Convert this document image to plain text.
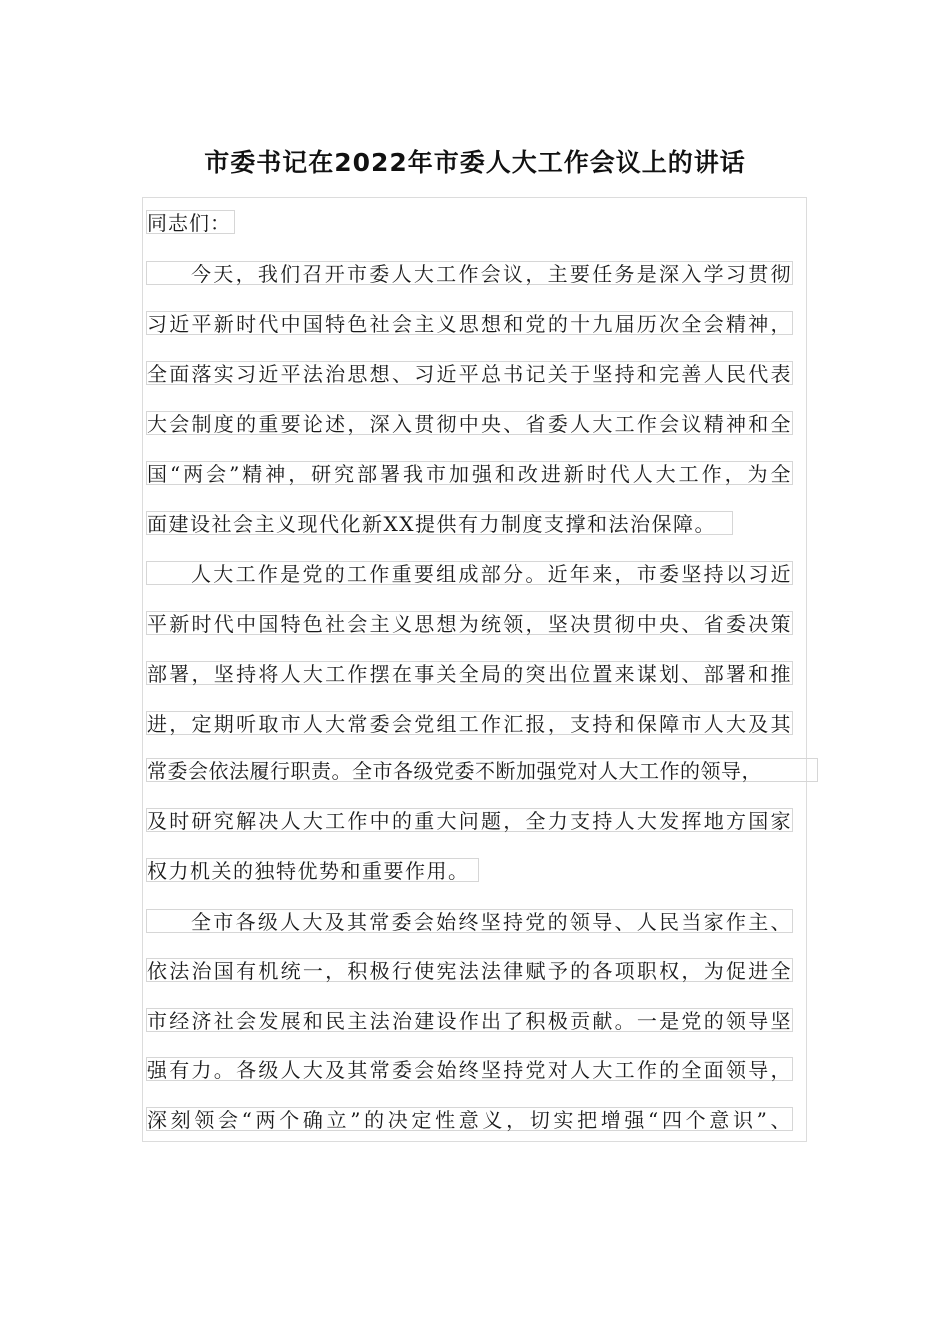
市委书记在2022年市委人大工作会议上的讲话
同志们：
今天，我们召开市委人大工作会议，主要任务是深入学习贯彻
习近平新时代中国特色社会主义思想和党的十九届历次全会精神，
全面落实习近平法治思想、习近平总书记关于坚持和完善人民代表
大会制度的重要论述，深入贯彻中央、省委人大工作会议精神和全
国“两会”精神，研究部署我市加强和改进新时代人大工作，为全
面建设社会主义现代化新XX提供有力制度支撑和法治保障。
人大工作是党的工作重要组成部分。近年来，市委坚持以习近
平新时代中国特色社会主义思想为统领，坚决贯彻中央、省委决策
部署，坚持将人大工作摆在事关全局的突出位置来谋划、部署和推
进，定期听取市人大常委会党组工作汇报，支持和保障市人大及其
常委会依法履行职责。全市各级党委不断加强党对人大工作的领导，
及时研究解决人大工作中的重大问题，全力支持人大发挥地方国家
权力机关的独特优势和重要作用。
全市各级人大及其常委会始终坚持党的领导、人民当家作主、
依法治国有机统一，积极行使宪法法律赋予的各项职权，为促进全
市经济社会发展和民主法治建设作出了积极贡献。一是党的领导坚
强有力。各级人大及其常委会始终坚持党对人大工作的全面领导，
深刻领会“两个确立”的决定性意义，切实把增强“四个意识”、
